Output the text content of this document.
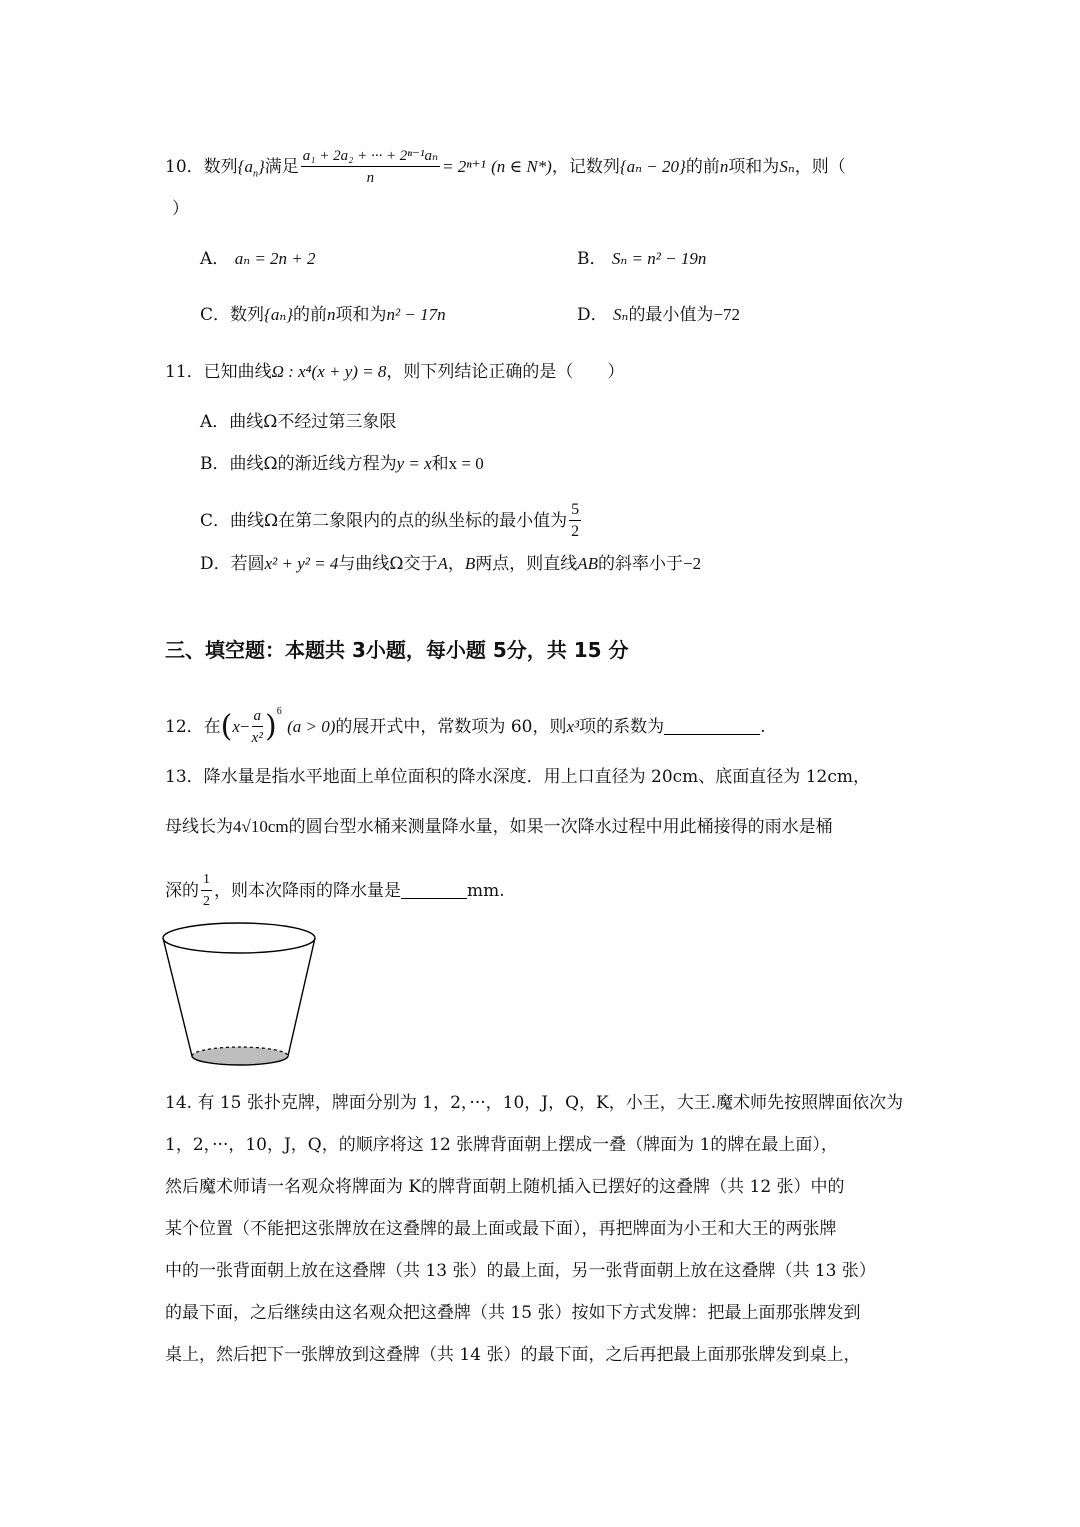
10．数列$\{a_n\}$满足 $\frac{\text{a₁ + 2a₂ + ··· + 2ⁿ⁻¹aₙ}}{n} = 2^{n+1}$ (n ∈ N*)，记数列{aₙ − 20}的前n项和为Sₙ，则（
）
A． aₙ = 2n + 2	B． Sₙ = n² − 19n
C．数列{aₙ}的前n项和为n² − 17n	D． Sₙ的最小值为−72
11．已知曲线Ω : x⁴(x + y) = 8，则下列结论正确的是（　　）
A．曲线Ω不经过第三象限
B．曲线Ω的渐近线方程为y = x和x = 0
C．曲线Ω在第二象限内的点的纵坐标的最小值为 $\frac{5}{2}$
D．若圆x² + y² = 4与曲线Ω交于A，B两点，则直线AB的斜率小于−2
三、填空题：本题共 3小题，每小题 5分，共 15 分
12．在$(x- \frac{a}{\text{x²}} )^6$ (a > 0)的展开式中，常数项为 60，则x³项的系数为	.
13．降水量是指水平地面上单位面积的降水深度．用上口直径为 20cm、底面直径为 12cm，
母线长为4√10cm的圆台型水桶来测量降水量，如果一次降水过程中用此桶接得的雨水是桶
深的 $\frac{1}{2}$ ，则本次降雨的降水量是	mm.
14. 有 15 张扑克牌，牌面分别为 1，2，···，10，J，Q，K，小王，大王.魔术师先按照牌面依次为
1，2，···，10，J，Q，的顺序将这 12 张牌背面朝上摆成一叠（牌面为 1的牌在最上面），
然后魔术师请一名观众将牌面为 K的牌背面朝上随机插入已摆好的这叠牌（共 12 张）中的
某个位置（不能把这张牌放在这叠牌的最上面或最下面），再把牌面为小王和大王的两张牌
中的一张背面朝上放在这叠牌（共 13 张）的最上面，另一张背面朝上放在这叠牌（共 13 张）
的最下面，之后继续由这名观众把这叠牌（共 15 张）按如下方式发牌：把最上面那张牌发到
桌上，然后把下一张牌放到这叠牌（共 14 张）的最下面，之后再把最上面那张牌发到桌上，
